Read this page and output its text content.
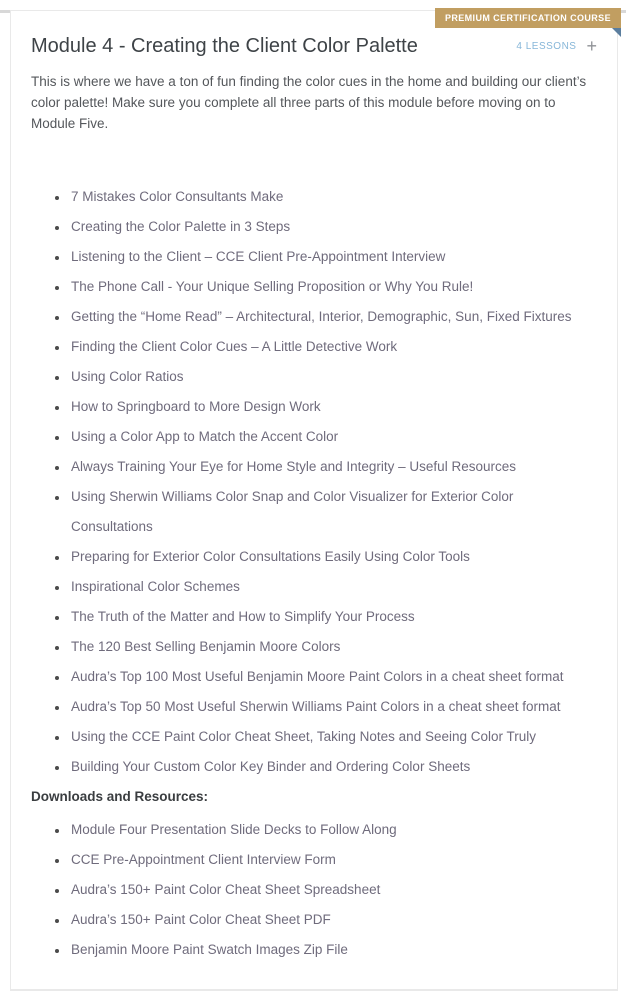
PREMIUM CERTIFICATION COURSE
Module 4 - Creating the Client Color Palette	4 LESSONS +

This is where we have a ton of fun finding the color cues in the home and building our client’s color palette! Make sure you complete all three parts of this module before moving on to Module Five.

• 7 Mistakes Color Consultants Make
• Creating the Color Palette in 3 Steps
• Listening to the Client – CCE Client Pre-Appointment Interview
• The Phone Call - Your Unique Selling Proposition or Why You Rule!
• Getting the “Home Read” – Architectural, Interior, Demographic, Sun, Fixed Fixtures
• Finding the Client Color Cues – A Little Detective Work
• Using Color Ratios
• How to Springboard to More Design Work
• Using a Color App to Match the Accent Color
• Always Training Your Eye for Home Style and Integrity – Useful Resources
• Using Sherwin Williams Color Snap and Color Visualizer for Exterior Color Consultations
• Preparing for Exterior Color Consultations Easily Using Color Tools
• Inspirational Color Schemes
• The Truth of the Matter and How to Simplify Your Process
• The 120 Best Selling Benjamin Moore Colors
• Audra’s Top 100 Most Useful Benjamin Moore Paint Colors in a cheat sheet format
• Audra’s Top 50 Most Useful Sherwin Williams Paint Colors in a cheat sheet format
• Using the CCE Paint Color Cheat Sheet, Taking Notes and Seeing Color Truly
• Building Your Custom Color Key Binder and Ordering Color Sheets

Downloads and Resources:

• Module Four Presentation Slide Decks to Follow Along
• CCE Pre-Appointment Client Interview Form
• Audra’s 150+ Paint Color Cheat Sheet Spreadsheet
• Audra’s 150+ Paint Color Cheat Sheet PDF
• Benjamin Moore Paint Swatch Images Zip File
